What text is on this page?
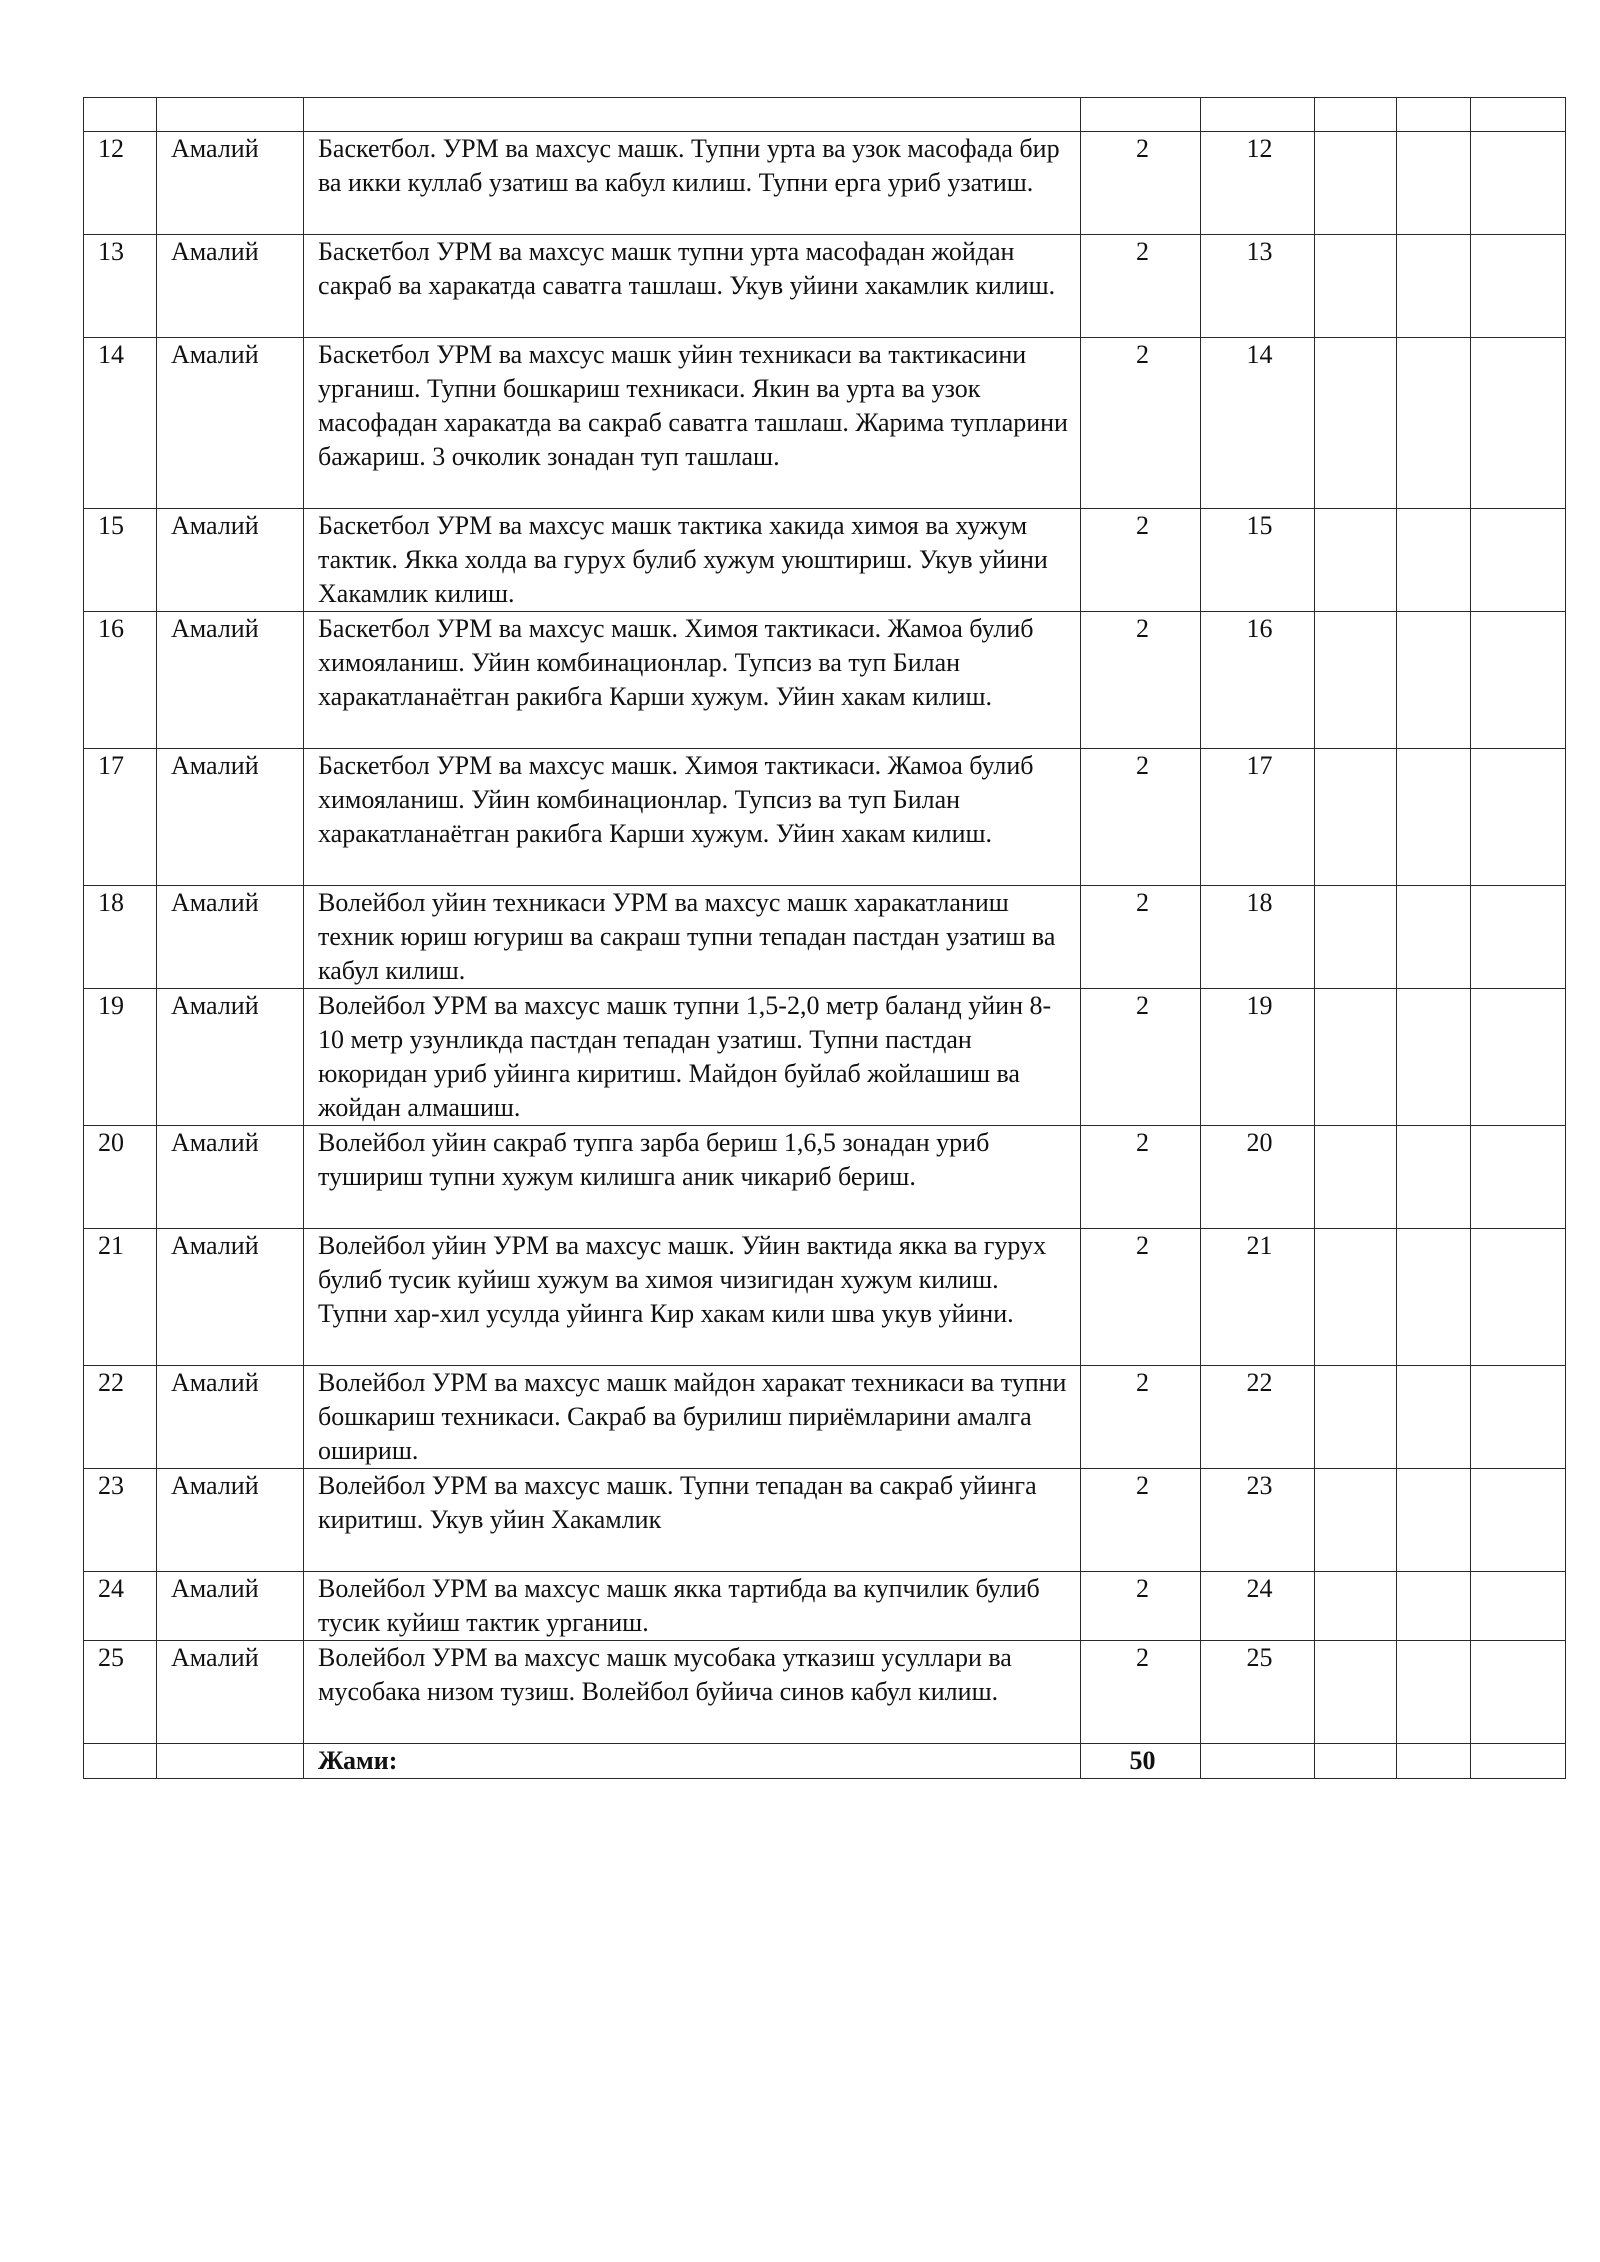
12	Амалий	Баскетбол. УРМ ва махсус машк. Тупни урта ва узок масофада бир ва икки куллаб узатиш ва кабул килиш. Тупни ерга уриб узатиш.	2	12			
13	Амалий	Баскетбол УРМ ва махсус машк тупни урта масофадан жойдан сакраб ва харакатда саватга ташлаш. Укув уйини хакамлик килиш.	2	13			
14	Амалий	Баскетбол УРМ ва махсус машк уйин техникаси ва тактикасини урганиш. Тупни бошкариш техникаси. Якин ва урта ва узок масофадан харакатда ва сакраб саватга ташлаш. Жарима тупларини бажариш. 3 очколик зонадан туп ташлаш.	2	14			
15	Амалий	Баскетбол УРМ ва махсус машк тактика хакида химоя ва хужум тактик. Якка холда ва гурух булиб хужум уюштириш. Укув уйини Хакамлик килиш.	2	15			
16	Амалий	Баскетбол УРМ ва махсус машк. Химоя тактикаси. Жамоа булиб химояланиш. Уйин комбинационлар. Тупсиз ва туп Билан харакатланаётган ракибга Карши хужум. Уйин хакам килиш.	2	16			
17	Амалий	Баскетбол УРМ ва махсус машк. Химоя тактикаси. Жамоа булиб химояланиш. Уйин комбинационлар. Тупсиз ва туп Билан харакатланаётган ракибга Карши хужум. Уйин хакам килиш.	2	17			
18	Амалий	Волейбол уйин техникаси УРМ ва махсус машк харакатланиш техник юриш югуриш ва сакраш тупни тепадан пастдан узатиш ва кабул килиш.	2	18			
19	Амалий	Волейбол УРМ ва махсус машк тупни 1,5-2,0 метр баланд уйин 8-10 метр узунликда пастдан тепадан узатиш. Тупни пастдан юкоридан уриб уйинга киритиш. Майдон буйлаб жойлашиш ва жойдан алмашиш.	2	19			
20	Амалий	Волейбол уйин сакраб тупга зарба бериш 1,6,5 зонадан уриб тушириш тупни хужум килишга аник чикариб бериш.	2	20			
21	Амалий	Волейбол уйин УРМ ва махсус машк. Уйин вактида якка ва гурух булиб тусик куйиш хужум ва химоя чизигидан хужум килиш. Тупни хар-хил усулда уйинга Кир хакам кили шва укув уйини.	2	21			
22	Амалий	Волейбол УРМ ва махсус машк майдон харакат техникаси ва тупни бошкариш техникаси. Сакраб ва бурилиш пириёмларини амалга ошириш.	2	22			
23	Амалий	Волейбол УРМ ва махсус машк. Тупни тепадан ва сакраб уйинга киритиш. Укув уйин Хакамлик	2	23			
24	Амалий	Волейбол УРМ ва махсус машк якка тартибда ва купчилик булиб тусик куйиш тактик урганиш.	2	24			
25	Амалий	Волейбол УРМ ва махсус машк мусобака утказиш усуллари ва мусобака низом тузиш. Волейбол буйича синов кабул килиш.	2	25			
		Жами:	50				
